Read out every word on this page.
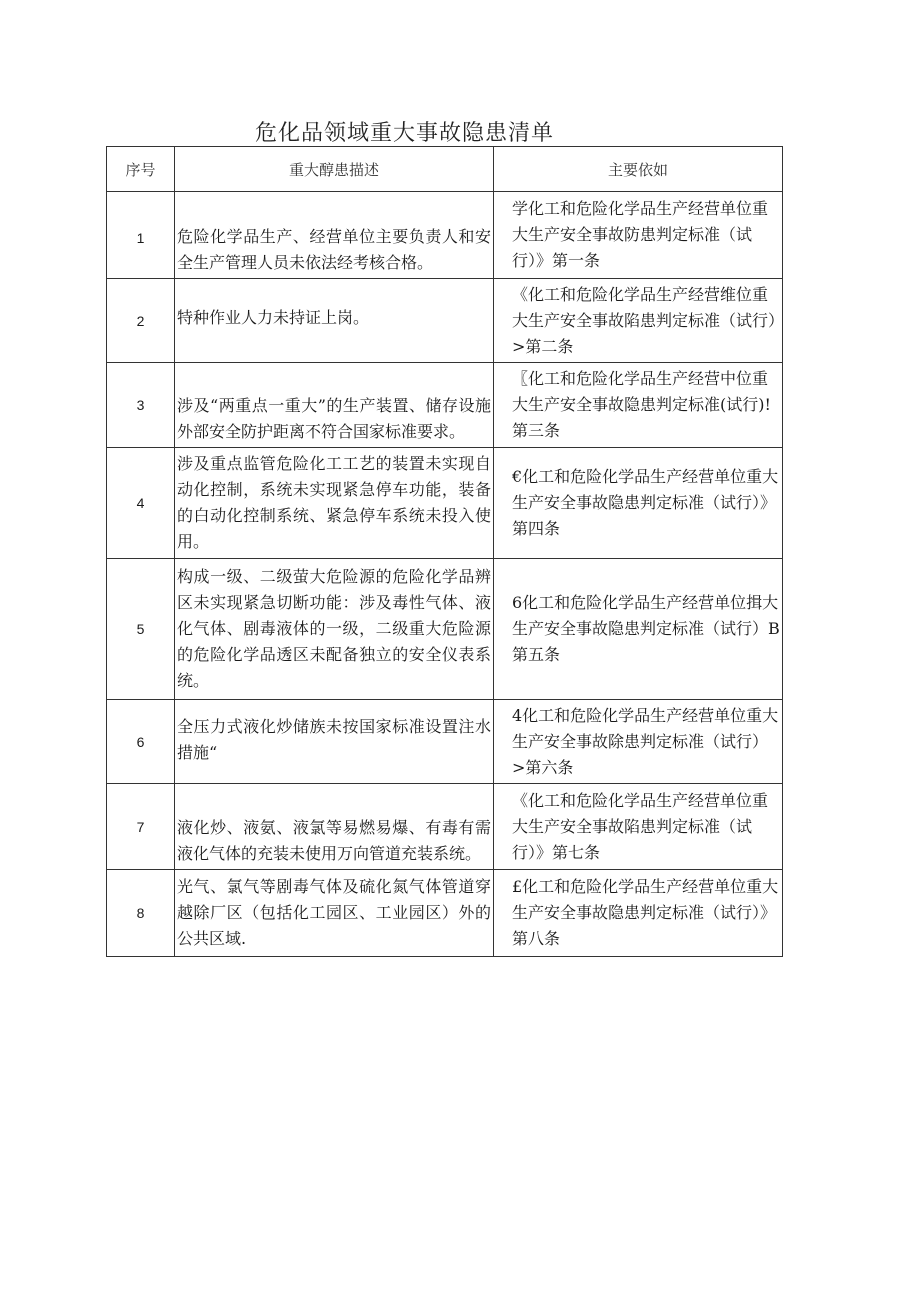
危化品领域重大事故隐患清单
序号	重大醇患描述	主要依如
1	危险化学品生产、经营单位主要负责人和安全生产管理人员未依法经考核合格。	学化工和危险化学品生产经营单位重大生产安全事故防患判定标准（试行）》第一条

2	特种作业人力未持证上岗。	《化工和危险化学品生产经营维位重大生产安全事故陷患判定标准（试行）>第二条

3	涉及“两重点一重大”的生产装置、储存设施外部安全防护距离不符合国家标准要求。	〖化工和危险化学品生产经营中位重大生产安全事故隐患判定标准(试行)!第三条

4	涉及重点监管危险化工工艺的装置未实现自动化控制，系统未实现紧急停车功能，装备的白动化控制系统、紧急停车系统未投入使用。	€化工和危险化学品生产经营单位重大生产安全事故隐患判定标准（试行）》第四条

5	构成一级、二级萤大危险源的危险化学品辨区未实现紧急切断功能：涉及毒性气体、液化气体、剧毒液体的一级，二级重大危险源的危险化学品透区未配备独立的安全仪表系统。	6化工和危险化学品生产经营单位揖大生产安全事故隐患判定标准（试行）B第五条

6	全压力式液化炒储族未按国家标准设置注水措施“	4化工和危险化学品生产经营单位重大生产安全事故除患判定标准（试行）>第六条

7	液化炒、液氨、液氯等易燃易爆、有毒有需液化气体的充装未使用万向管道充装系统。	《化工和危险化学品生产经营单位重大生产安全事故陷患判定标准（试行）》第七条

8	光气、氯气等剧毒气体及硫化氮气体管道穿越除厂区（包括化工园区、工业园区）外的公共区域.	£化工和危险化学品生产经营单位重大生产安全事故隐患判定标准（试行）》第八条
